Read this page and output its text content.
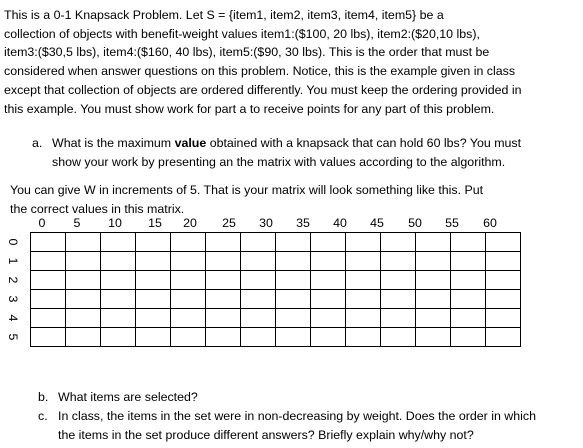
This is a 0-1 Knapsack Problem. Let S = {item1, item2, item3, item4, item5} be a
collection of objects with benefit-weight values item1:($100, 20 lbs), item2:($20,10 lbs),
item3:($30,5 lbs), item4:($160, 40 lbs), item5:($90, 30 lbs). This is the order that must be
considered when answer questions on this problem. Notice, this is the example given in class
except that collection of objects are ordered differently. You must keep the ordering provided in
this example. You must show work for part a to receive points for any part of this problem.
a. What is the maximum value obtained with a knapsack that can hold 60 lbs? You must
show your work by presenting an the matrix with values according to the algorithm.
You can give W in increments of 5. That is your matrix will look something like this. Put
the correct values in this matrix.
0	5	10	15	20	25	30	35	40	45	50	55	60
0
1
2
3
4
5

b. What items are selected?
c. In class, the items in the set were in non-decreasing by weight. Does the order in which
the items in the set produce different answers? Briefly explain why/why not?
